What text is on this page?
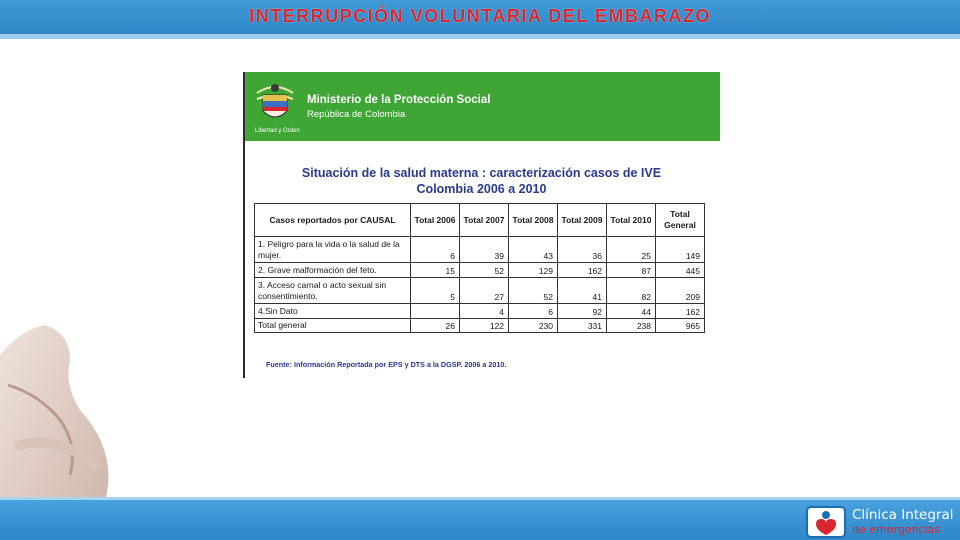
INTERRUPCIÓN VOLUNTARIA DEL EMBARAZO
Libertad y Orden
Ministerio de la Protección Social
República de Colombia
Situación de la salud materna : caracterización casos de IVE
Colombia 2006 a 2010
Casos reportados por CAUSAL	Total 2006	Total 2007	Total 2008	Total 2009	Total 2010	Total General
1. Peligro para la vida o la salud de la mujer.	6	39	43	36	25	149
2. Grave malformación del feto.	15	52	129	162	87	445
3. Acceso carnal o acto sexual sin consentimiento.	5	27	52	41	82	209
4.Sin Dato		4	6	92	44	162
Total general	26	122	230	331	238	965
Fuente: Información Reportada por EPS y DTS a la DGSP. 2006 a 2010.
Clínica Integral
de emergencias
